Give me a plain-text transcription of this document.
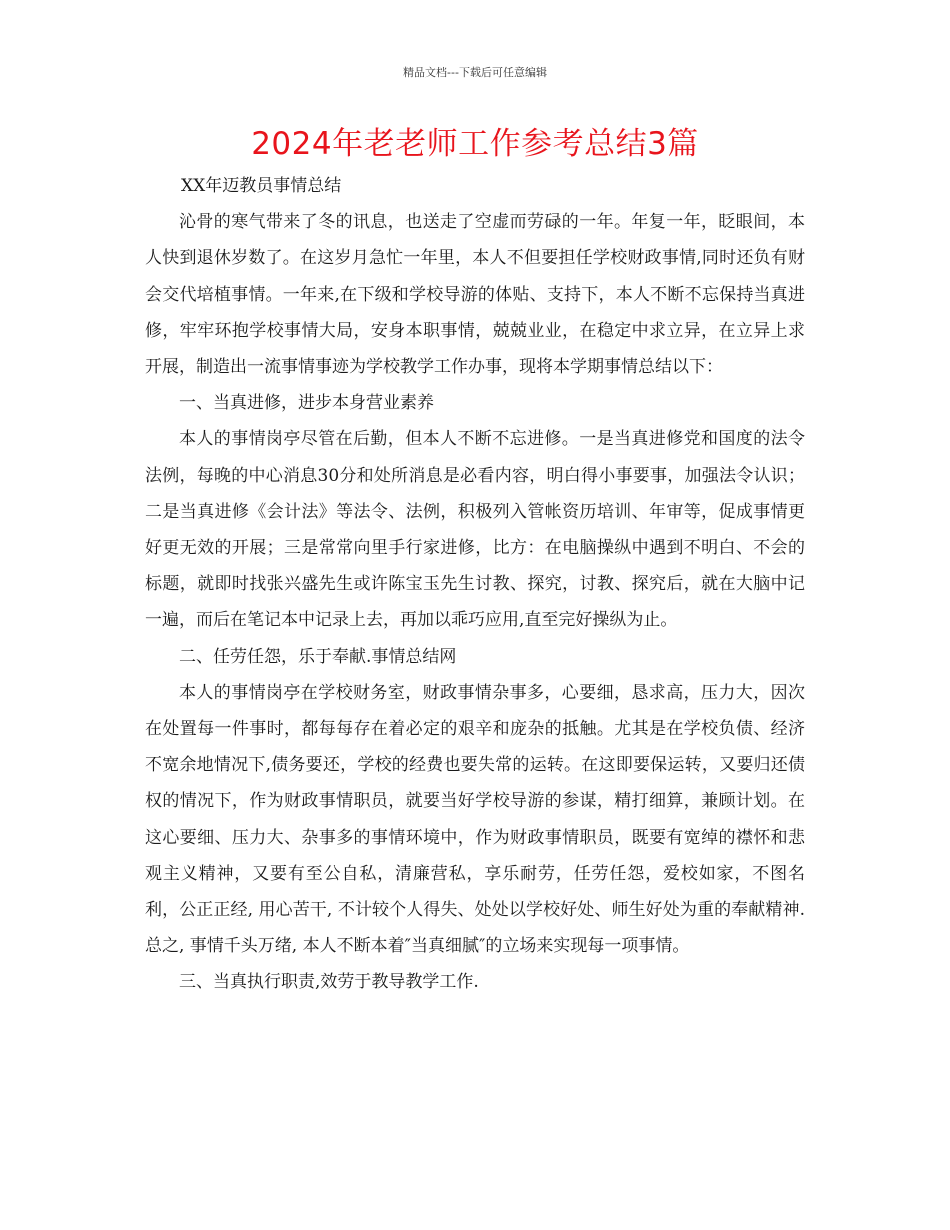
精品文档---下载后可任意编辑
2024年老老师工作参考总结3篇

XX年迈教员事情总结

沁骨的寒气带来了冬的讯息，也送走了空虚而劳碌的一年。年复一年，眨眼间，本人快到退休岁数了。在这岁月急忙一年里，本人不但要担任学校财政事情,同时还负有财会交代培植事情。一年来,在下级和学校导游的体贴、支持下，本人不断不忘保持当真进修，牢牢环抱学校事情大局，安身本职事情，兢兢业业，在稳定中求立异，在立异上求开展，制造出一流事情事迹为学校教学工作办事，现将本学期事情总结以下：

一、当真进修，进步本身营业素养

本人的事情岗亭尽管在后勤，但本人不断不忘进修。一是当真进修党和国度的法令法例，每晚的中心消息30分和处所消息是必看内容，明白得小事要事，加强法令认识；二是当真进修《会计法》等法令、法例，积极列入管帐资历培训、年审等，促成事情更好更无效的开展；三是常常向里手行家进修，比方：在电脑操纵中遇到不明白、不会的标题，就即时找张兴盛先生或许陈宝玉先生讨教、探究，讨教、探究后，就在大脑中记一遍，而后在笔记本中记录上去，再加以乖巧应用,直至完好操纵为止。

二、任劳任怨，乐于奉献.事情总结网

本人的事情岗亭在学校财务室，财政事情杂事多，心要细，恳求高，压力大，因次在处置每一件事时，都每每存在着必定的艰辛和庞杂的抵触。尤其是在学校负债、经济不宽余地情况下,债务要还，学校的经费也要失常的运转。在这即要保运转，又要归还债权的情况下，作为财政事情职员，就要当好学校导游的参谋，精打细算，兼顾计划。在这心要细、压力大、杂事多的事情环境中，作为财政事情职员，既要有宽绰的襟怀和悲观主义精神，又要有至公自私，清廉营私，享乐耐劳，任劳任怨，爱校如家，不图名利，公正正经, 用心苦干, 不计较个人得失、处处以学校好处、师生好处为重的奉献精神. 总之, 事情千头万绪, 本人不断本着″当真细腻″的立场来实现每一项事情。

三、当真执行职责,效劳于教导教学工作.
